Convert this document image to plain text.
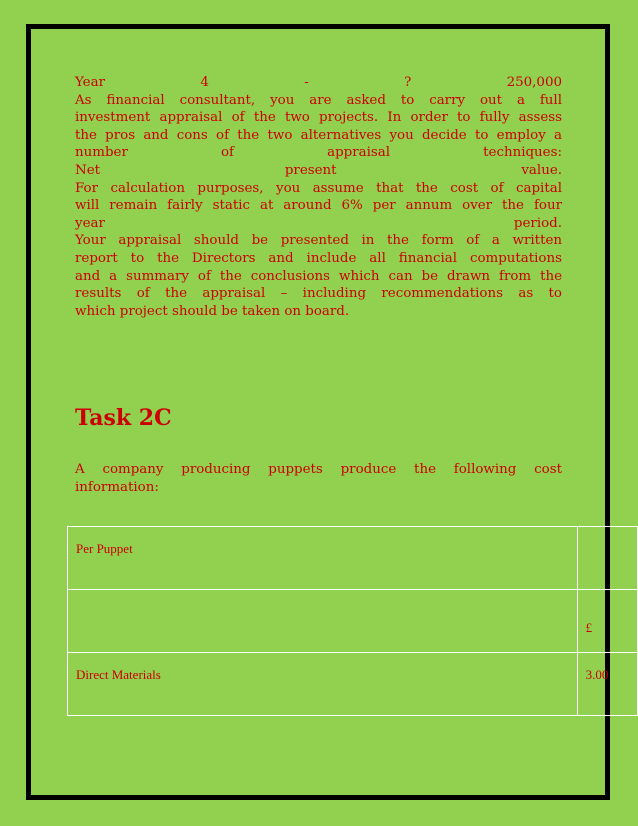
Year	4	-	?	250,000
As financial consultant, you are asked to carry out a full
investment appraisal of the two projects. In order to fully assess
the pros and cons of the two alternatives you decide to employ a
number	of	appraisal	techniques:
Net	present	value.
For calculation purposes, you assume that the cost of capital
will remain fairly static at around 6% per annum over the four
year	period.
Your appraisal should be presented in the form of a written
report to the Directors and include all financial computations
and a summary of the conclusions which can be drawn from the
results of the appraisal – including recommendations as to
which project should be taken on board.
Task 2C
A company producing puppets produce the following cost
information:
Per Puppet	

	£

Direct Materials	3.00
